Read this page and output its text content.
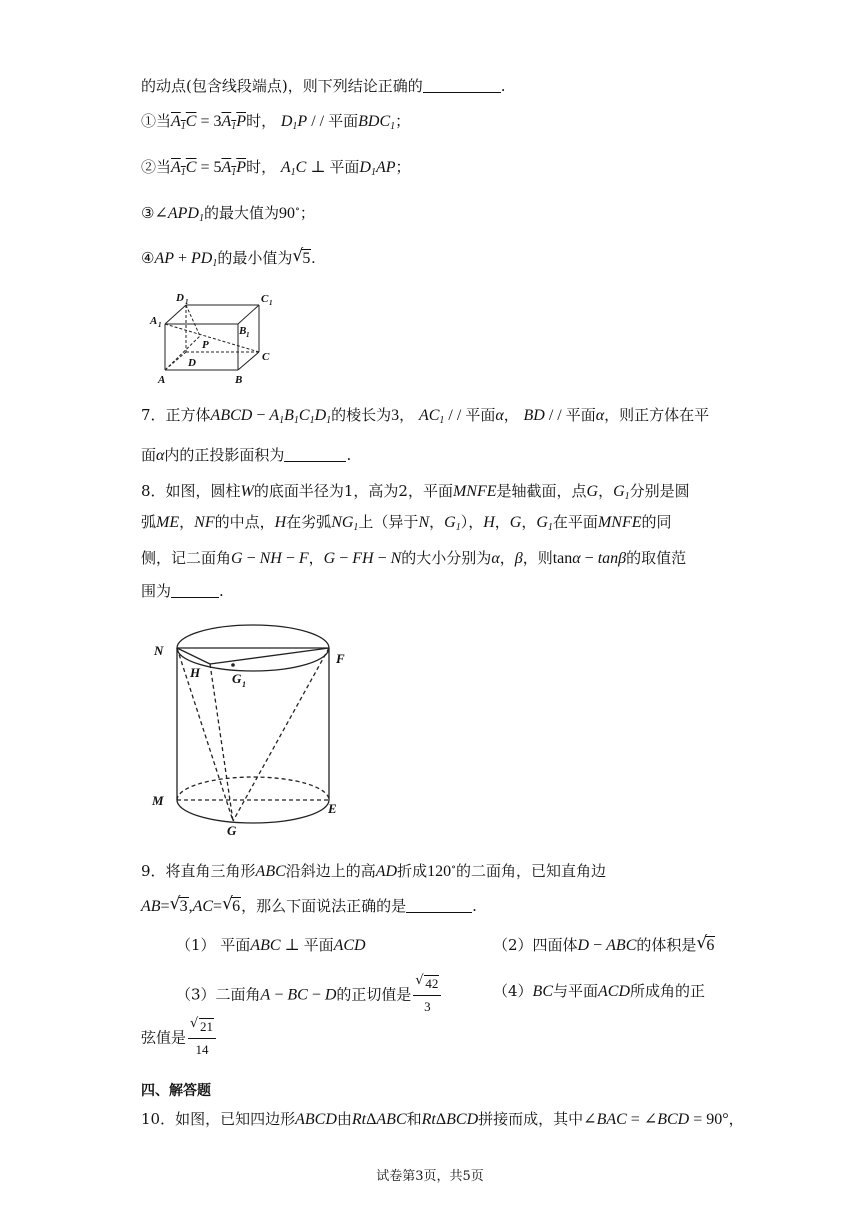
的动点(包含线段端点)，则下列结论正确的	.
①当$A_1C = 3A_1P$时， $D_1P$ / / 平面$BDC_1$；
②当$A_1C = 5A_1P$时， $A_1C$ ⊥ 平面$D_1AP$；
$③\angle APD_1$的最大值为90∘；
④AP + $PD_1$的最小值为 √ 5.
D 1	C 1
A 1	B 1
P
D	C
A	B
7．正方体ABCD − $A_1B_1C_1D_1$的棱长为3， $AC_1$ / / 平面α， BD / / 平面α，则正方体在平
面α内的正投影面积为	.
8．如图，圆柱W的底面半径为1，高为2，平面MNFE是轴截面，点G，$G_1$分别是圆
弧ME，NF的中点，H在劣弧$NG_1$上（异于N，$G_1$），H，G，$G_1$在平面MNFE的同
侧，记二面角G − NH − F，G − FH − N的大小分别为α，β，则tanα − tanβ的取值范
围为	.
N
F
H G 1
M
E
G
9．将直角三角形ABC沿斜边上的高AD折成120∘的二面角，已知直角边
AB= √ 3,AC= √ 6，那么下面说法正确的是	.
（1） 平面ABC ⊥ 平面ACD	（2）四面体D − ABC的体积是 √ 6
（3）二面角A − BC − D的正切值是 $\frac{√ 42}{3}$	（4）BC与平面ACD所成角的正
弦值是 $\frac{√ 21}{14}$
四、解答题
10．如图，已知四边形ABCD由RtΔABC和RtΔBCD拼接而成，其中∠BAC = ∠BCD = 90°，
试卷第3页，共5页
